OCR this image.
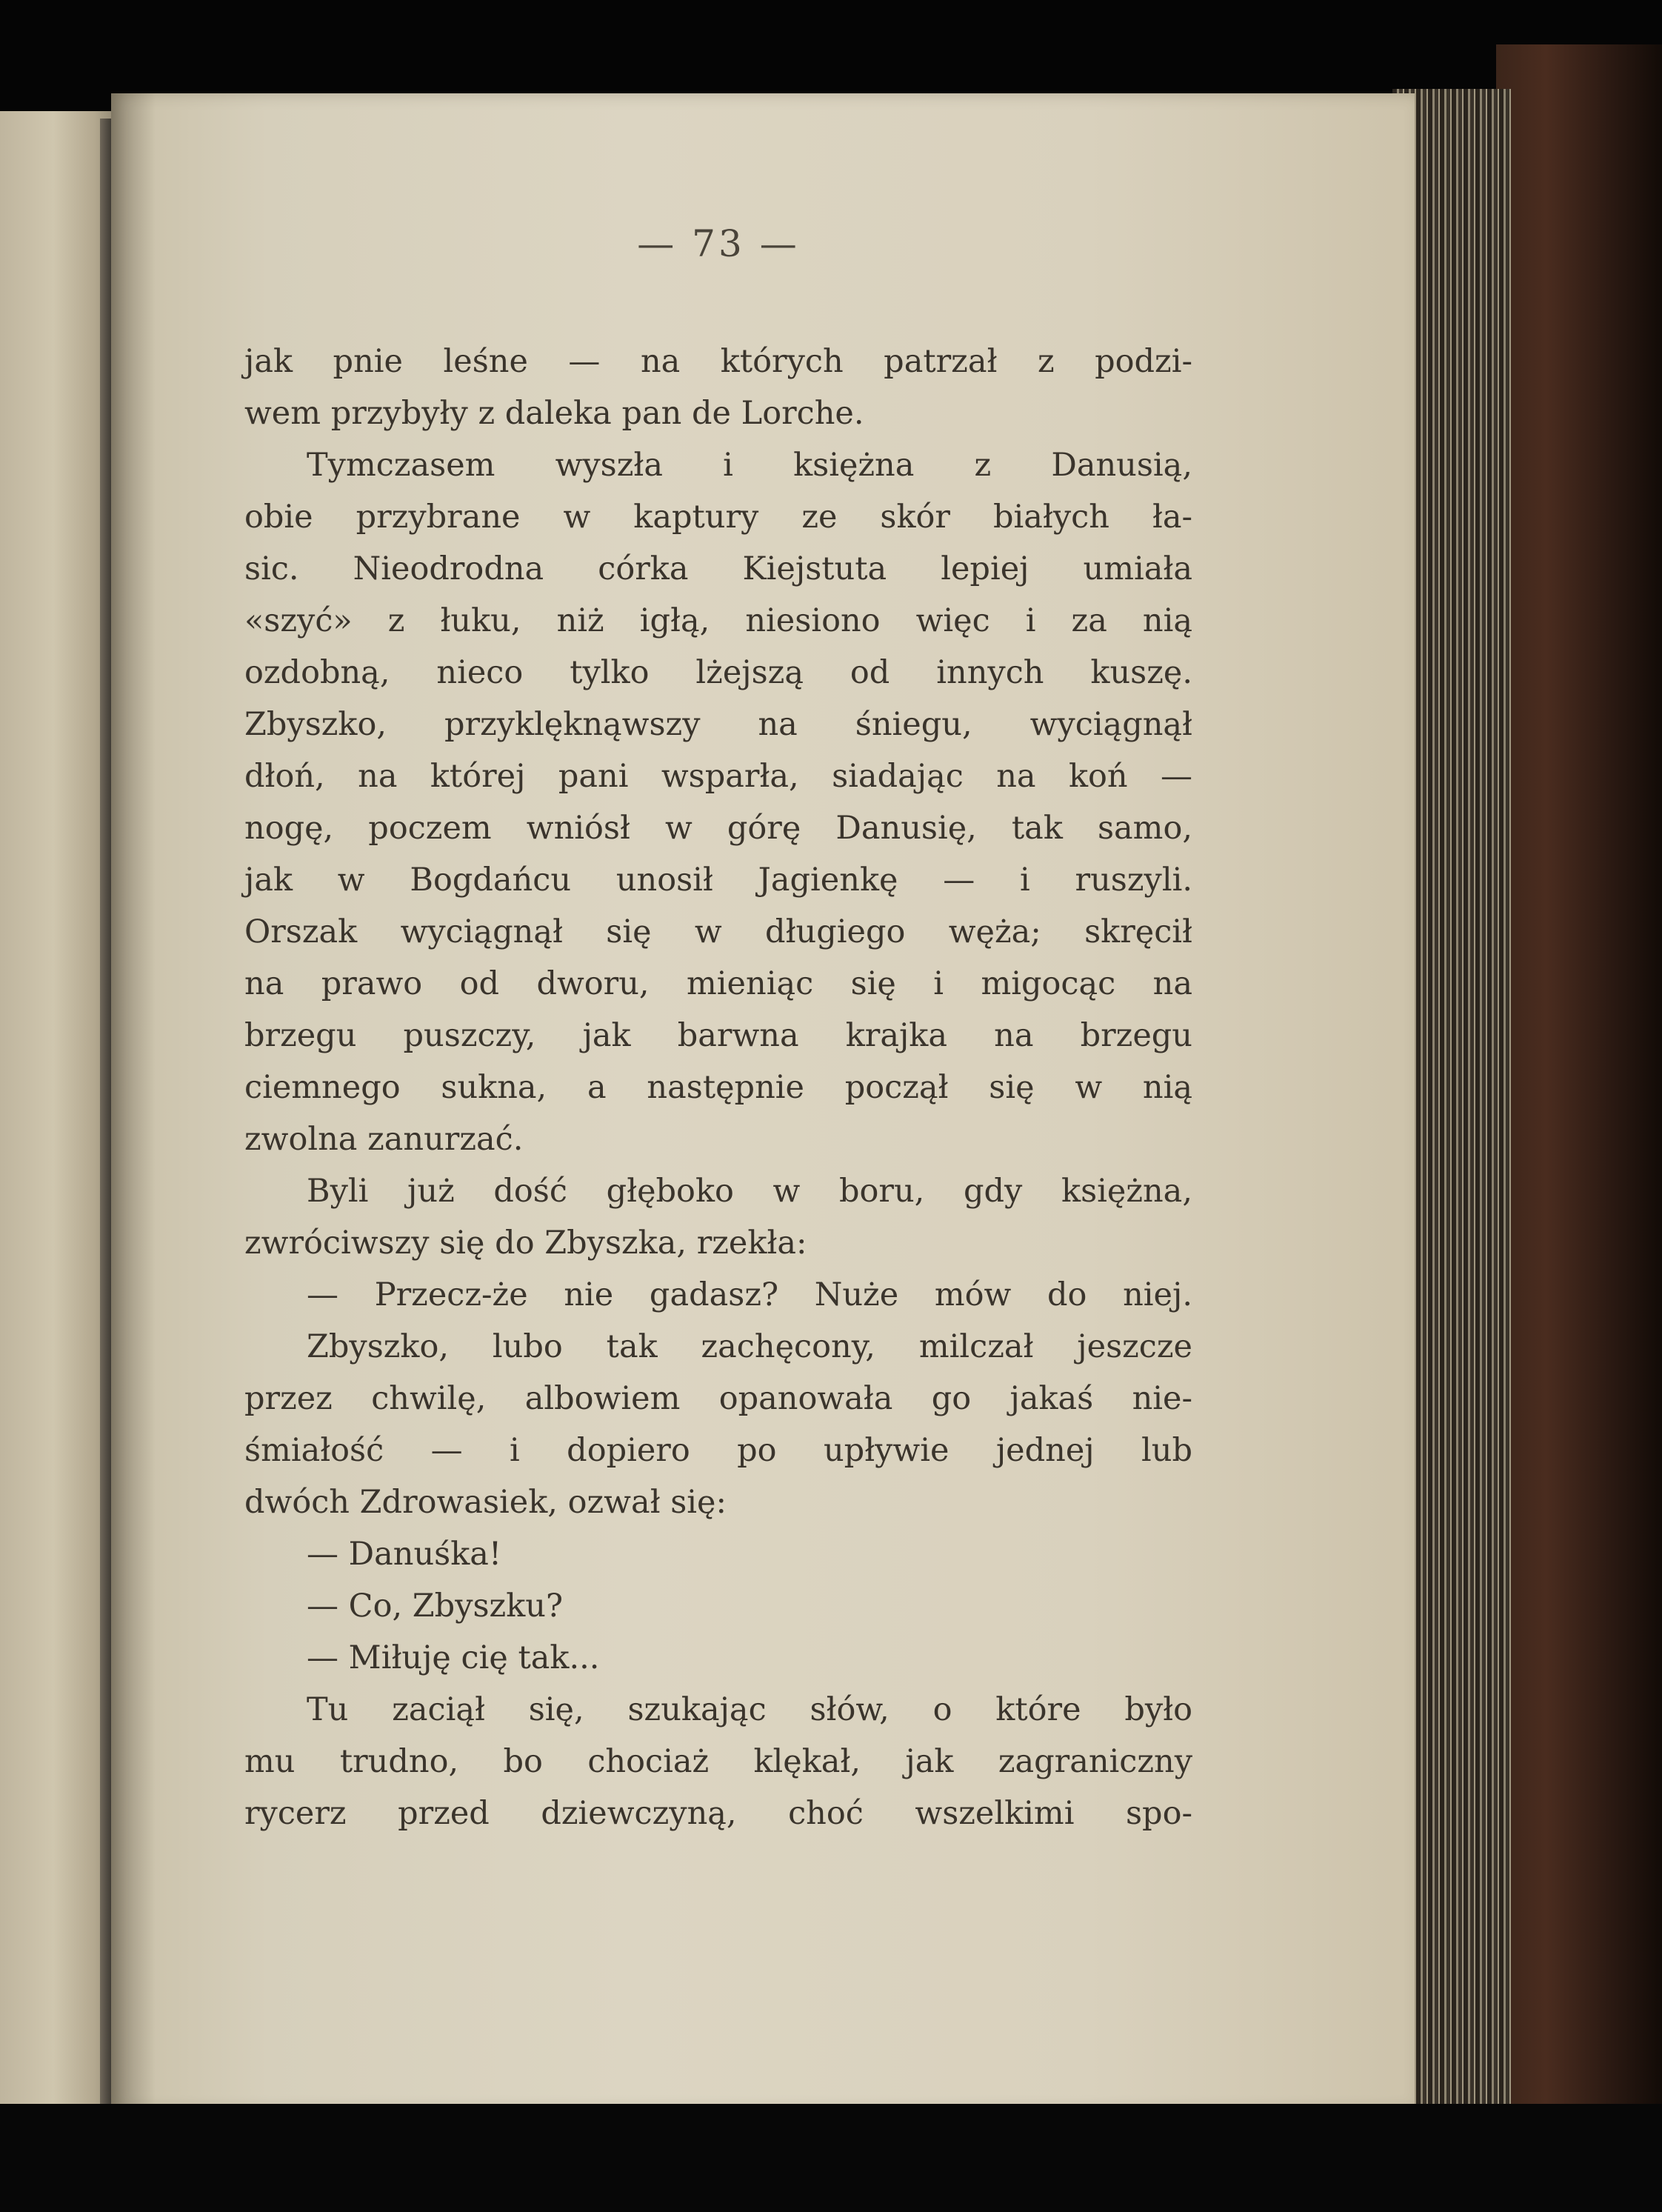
— 73 —
jak pnie leśne — na których patrzał z podzi-
wem przybyły z daleka pan de Lorche.
Tymczasem wyszła i księżna z Danusią,
obie przybrane w kaptury ze skór białych ła-
sic. Nieodrodna córka Kiejstuta lepiej umiała
«szyć» z łuku, niż igłą, niesiono więc i za nią
ozdobną, nieco tylko lżejszą od innych kuszę.
Zbyszko, przyklęknąwszy na śniegu, wyciągnął
dłoń, na której pani wsparła, siadając na koń —
nogę, poczem wniósł w górę Danusię, tak samo,
jak w Bogdańcu unosił Jagienkę — i ruszyli.
Orszak wyciągnął się w długiego węża; skręcił
na prawo od dworu, mieniąc się i migocąc na
brzegu puszczy, jak barwna krajka na brzegu
ciemnego sukna, a następnie począł się w nią
zwolna zanurzać.
Byli już dość głęboko w boru, gdy księżna,
zwróciwszy się do Zbyszka, rzekła:
— Przecz-że nie gadasz? Nuże mów do niej.
Zbyszko, lubo tak zachęcony, milczał jeszcze
przez chwilę, albowiem opanowała go jakaś nie-
śmiałość — i dopiero po upływie jednej lub
dwóch Zdrowasiek, ozwał się:
— Danuśka!
— Co, Zbyszku?
— Miłuję cię tak...
Tu zaciął się, szukając słów, o które było
mu trudno, bo chociaż klękał, jak zagraniczny
rycerz przed dziewczyną, choć wszelkimi spo-
